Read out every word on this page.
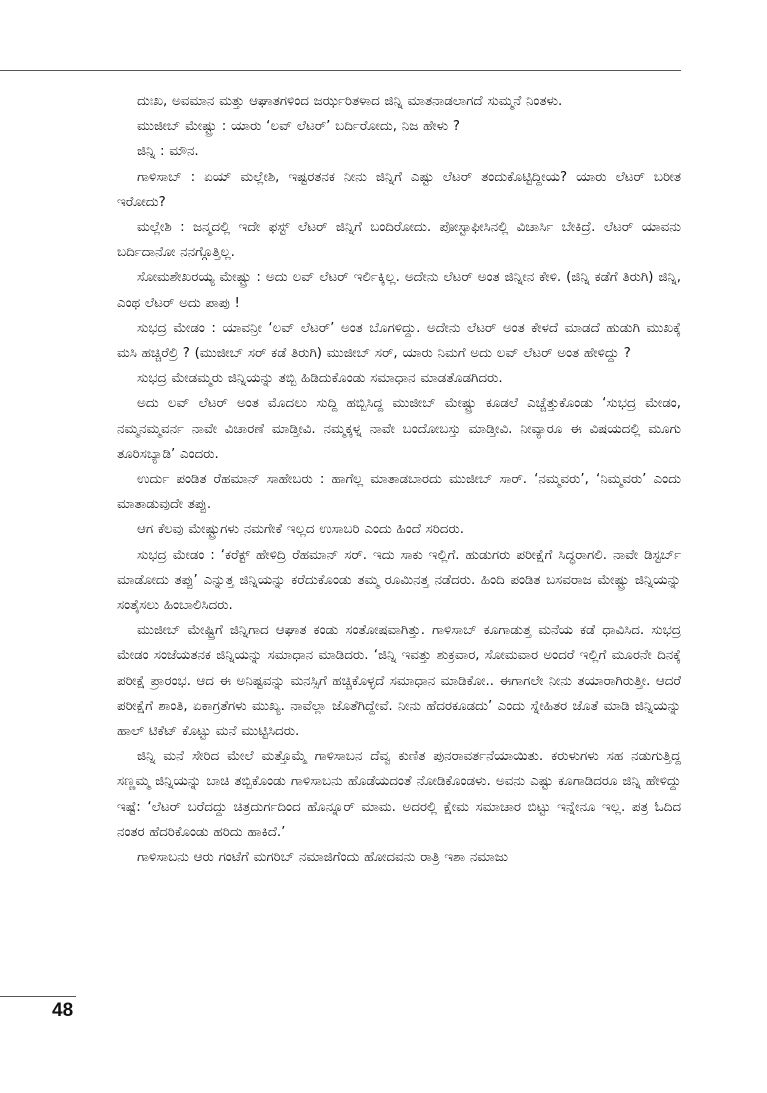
ದುಃಖ, ಅವಮಾನ ಮತ್ತು ಆಘಾತಗಳಿಂದ ಜರ್ಝರಿತಳಾದ ಜಿನ್ನಿ ಮಾತನಾಡಲಾಗದೆ ಸುಮ್ಮನೆ ನಿಂತಳು.

ಮುಜೀಬ್ ಮೇಷ್ಟ್ರು : ಯಾರು ‘ಲವ್ ಲೆಟರ್’ ಬರ್ದಿರೋದು, ನಿಜ ಹೇಳು ?

ಜಿನ್ನಿ : ಮೌನ.

ಗಾಳಿಸಾಬ್ : ಏಯ್ ಮಲ್ಲೇಶಿ, ಇಷ್ಟರತನಕ ನೀನು ಜಿನ್ನಿಗೆ ಎಷ್ಟು ಲೆಟರ್ ತಂದುಕೊಟ್ಟಿದ್ದೀಯ? ಯಾರು ಲೆಟರ್ ಬರೀತ ಇರೋದು?

ಮಲ್ಲೇಶಿ : ಜನ್ಮದಲ್ಲಿ ಇದೇ ಫಸ್ಟ್ ಲೆಟರ್ ಜಿನ್ನಿಗೆ ಬಂದಿರೋದು. ಪೋಸ್ಟಾಫೀಸಿನಲ್ಲಿ ವಿಚಾರ್ಸಿ ಬೇಕಿದ್ರೆ. ಲೆಟರ್ ಯಾವನು ಬರ್ದಿದಾನೋ ನನಗ್ಗೊತ್ತಿಲ್ಲ.

ಸೋಮಶೇಖರಯ್ಯ ಮೇಷ್ಟ್ರು : ಅದು ಲವ್ ಲೆಟರ್ ಇರ್ಲಿಕ್ಕಿಲ್ಲ. ಅದೇನು ಲೆಟರ್ ಅಂತ ಜಿನ್ನೀನ ಕೇಳಿ. (ಜಿನ್ನಿ ಕಡೆಗೆ ತಿರುಗಿ) ಜಿನ್ನಿ, ಎಂಥ ಲೆಟರ್ ಅದು ಪಾಪು !

ಸುಭದ್ರ ಮೇಡಂ : ಯಾವನ್ರೀ ‘ಲವ್ ಲೆಟರ್’ ಅಂತ ಬೊಗಳಿದ್ದು. ಅದೇನು ಲೆಟರ್ ಅಂತ ಕೇಳದೆ ಮಾಡದೆ ಹುಡುಗಿ ಮುಖಕ್ಕೆ ಮಸಿ ಹಚ್ಚಿರೆಲ್ರಿ ? (ಮುಜೀಬ್ ಸರ್ ಕಡೆ ತಿರುಗಿ) ಮುಜೀಬ್ ಸರ್, ಯಾರು ನಿಮಗೆ ಅದು ಲವ್ ಲೆಟರ್ ಅಂತ ಹೇಳಿದ್ದು ?

ಸುಭದ್ರ ಮೇಡಮ್ಮರು ಜಿನ್ನಿಯನ್ನು ತಬ್ಬಿ ಹಿಡಿದುಕೊಂಡು ಸಮಾಧಾನ ಮಾಡತೊಡಗಿದರು.

ಅದು ಲವ್ ಲೆಟರ್ ಅಂತ ಮೊದಲು ಸುದ್ದಿ ಹಬ್ಬಿಸಿದ್ದ ಮುಜೀಬ್ ಮೇಷ್ಟ್ರು ಕೂಡಲೆ ಎಚ್ಚೆತ್ತುಕೊಂಡು ‘ಸುಭದ್ರ ಮೇಡಂ, ನಮ್ಮನಮ್ಮವರ್ನ ನಾವೇ ವಿಚಾರಣೆ ಮಾಡ್ತೀವಿ. ನಮ್ಮಕ್ಕಳ್ನ ನಾವೇ ಬಂದೋಬಸ್ತು ಮಾಡ್ತೀವಿ. ನೀವ್ಯಾರೂ ಈ ವಿಷಯದಲ್ಲಿ ಮೂಗು ತೂರಿಸಬ್ಯಾಡಿ’ ಎಂದರು.

ಉರ್ದು ಪಂಡಿತ ರೆಹಮಾನ್ ಸಾಹೇಬರು : ಹಾಗೆಲ್ಲ ಮಾತಾಡಬಾರದು ಮುಜೀಬ್ ಸಾರ್. ‘ನಮ್ಮವರು’, ‘ನಿಮ್ಮವರು’ ಎಂದು ಮಾತಾಡುವುದೇ ತಪ್ಪು.

ಆಗ ಕೆಲವು ಮೇಷ್ಟ್ರುಗಳು ನಮಗೇಕೆ ಇಲ್ಲದ ಉಸಾಬರಿ ಎಂದು ಹಿಂದೆ ಸರಿದರು.

ಸುಭದ್ರ ಮೇಡಂ : ‘ಕರೆಕ್ಟ್ ಹೇಳಿದ್ರಿ ರೆಹಮಾನ್ ಸರ್. ಇದು ಸಾಕು ಇಲ್ಲಿಗೆ. ಹುಡುಗರು ಪರೀಕ್ಷೆಗೆ ಸಿದ್ಧರಾಗಲಿ. ನಾವೇ ಡಿಸ್ಟರ್ಬ್ ಮಾಡೋದು ತಪ್ಪು’ ಎನ್ನುತ್ತ ಜಿನ್ನಿಯನ್ನು ಕರೆದುಕೊಂಡು ತಮ್ಮ ರೂಮಿನತ್ತ ನಡೆದರು. ಹಿಂದಿ ಪಂಡಿತ ಬಸವರಾಜ ಮೇಷ್ಟ್ರು ಜಿನ್ನಿಯನ್ನು ಸಂತೈಸಲು ಹಿಂಬಾಲಿಸಿದರು.

ಮುಜೀಬ್ ಮೇಷ್ಟ್ರಿಗೆ ಜಿನ್ನಿಗಾದ ಆಘಾತ ಕಂಡು ಸಂತೋಷವಾಗಿತ್ತು. ಗಾಳಿಸಾಬ್ ಕೂಗಾಡುತ್ತ ಮನೆಯ ಕಡೆ ಧಾವಿಸಿದ. ಸುಭದ್ರ ಮೇಡಂ ಸಂಜೆಯತನಕ ಜಿನ್ನಿಯನ್ನು ಸಮಾಧಾನ ಮಾಡಿದರು. ‘ಜಿನ್ನಿ ಇವತ್ತು ಶುಕ್ರವಾರ, ಸೋಮವಾರ ಅಂದರೆ ಇಲ್ಲಿಗೆ ಮೂರನೇ ದಿನಕ್ಕೆ ಪರೀಕ್ಷೆ ಪ್ರಾರಂಭ. ಆದ ಈ ಅನಿಷ್ಟವನ್ನು ಮನಸ್ಸಿಗೆ ಹಚ್ಚಿಕೊಳ್ಳದೆ ಸಮಾಧಾನ ಮಾಡಿಕೋ.. ಈಗಾಗಲೇ ನೀನು ತಯಾರಾಗಿರುತ್ತೀ. ಆದರೆ ಪರೀಕ್ಷೆಗೆ ಶಾಂತಿ, ಏಕಾಗ್ರತೆಗಳು ಮುಖ್ಯ. ನಾವೆಲ್ಲಾ ಜೊತೆಗಿದ್ದೇವೆ. ನೀನು ಹೆದರಕೂಡದು’ ಎಂದು ಸ್ನೇಹಿತರ ಜೊತೆ ಮಾಡಿ ಜಿನ್ನಿಯನ್ನು ಹಾಲ್ ಟಿಕೆಟ್ ಕೊಟ್ಟು ಮನೆ ಮುಟ್ಟಿಸಿದರು.

ಜಿನ್ನಿ ಮನೆ ಸೇರಿದ ಮೇಲೆ ಮತ್ತೊಮ್ಮೆ ಗಾಳಿಸಾಬನ ದೆವ್ವ ಕುಣಿತ ಪುನರಾವರ್ತನೆಯಾಯಿತು. ಕರುಳುಗಳು ಸಹ ನಡುಗುತ್ತಿದ್ದ ಸಣ್ಣಮ್ಮ ಜಿನ್ನಿಯನ್ನು ಬಾಚಿ ತಬ್ಬಿಕೊಂಡು ಗಾಳಿಸಾಬನು ಹೊಡೆಯದಂತೆ ನೋಡಿಕೊಂಡಳು. ಅವನು ಎಷ್ಟು ಕೂಗಾಡಿದರೂ ಜಿನ್ನಿ ಹೇಳಿದ್ದು ಇಷ್ಟೆ: ‘ಲೆಟರ್ ಬರೆದದ್ದು ಚಿತ್ರದುರ್ಗದಿಂದ ಹೊನ್ನೂರ್ ಮಾಮ. ಅದರಲ್ಲಿ ಕ್ಷೇಮ ಸಮಾಚಾರ ಬಿಟ್ಟು ಇನ್ನೇನೂ ಇಲ್ಲ. ಪತ್ರ ಓದಿದ ನಂತರ ಹೆದರಿಕೊಂಡು ಹರಿದು ಹಾಕಿದೆ.’

ಗಾಳಿಸಾಬನು ಆರು ಗಂಟೆಗೆ ಮಗರಿಬ್ ನಮಾಜಿಗೆಂದು ಹೋದವನು ರಾತ್ರಿ ಇಶಾ ನಮಾಜು

48
